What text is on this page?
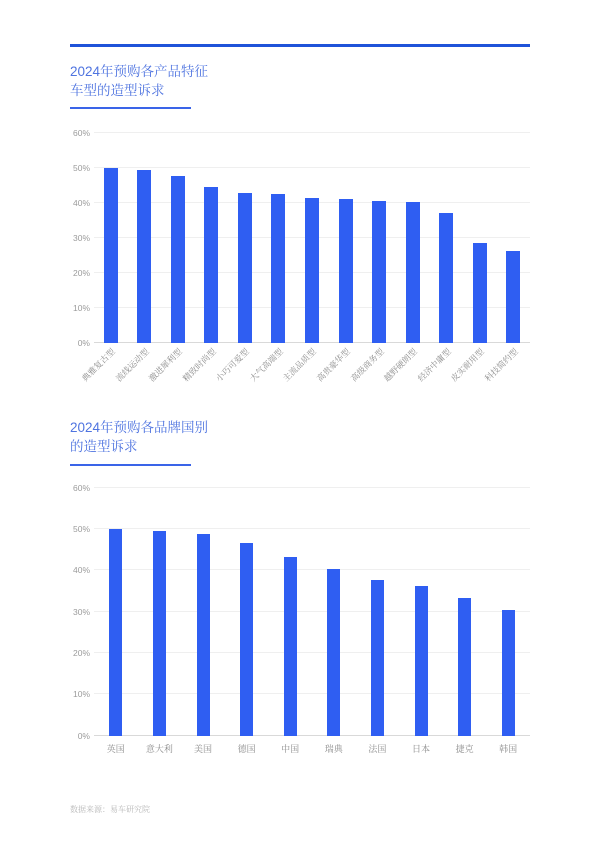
2024年预购各产品特征
车型的造型诉求
0%
10%
20%
30%
40%
50%
60%
典雅复古型
流线运动型
激进犀利型
精致时尚型
小巧可爱型
大气高端型
主流品质型
高贵豪华型
高级商务型
越野硬朗型
经济中庸型
皮实耐用型
科技简约型
2024年预购各品牌国别
的造型诉求
0%
10%
20%
30%
40%
50%
60%
英国 意大利 美国	德国	中国	瑞典	法国	日本	捷克	韩国
数据来源：易车研究院
